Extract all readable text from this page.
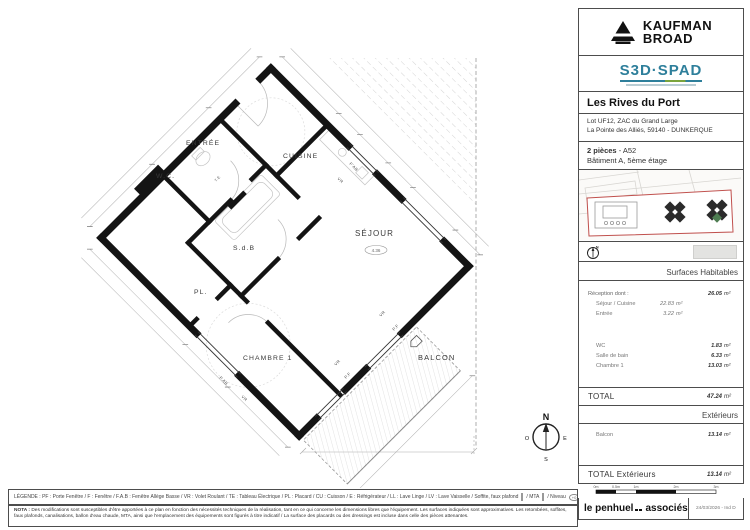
ENTRÉE
W.C.
CUISINE
S.d.B
PL.
SÉJOUR
CHAMBRE 1	BALCON
4.36
VR
F'AB
VR
P.F
P.F
VR
F.AB
VR
T.E
N
O	E
S
KAUFMAN
BROAD
S3D·SPAD
Les Rives du Port
Lot UF12, ZAC du Grand Large
La Pointe des Alliés, 59140 - DUNKERQUE
2 pièces - A52
Bâtiment A, 5ème étage
N
Surfaces Habitables
Réception dont :	26.05 m²
Séjour / Cuisine	22.83 m²
Entrée	3.22 m²
WC	1.83 m²
Salle de bain	6.33 m²
Chambre 1	13.03 m²
TOTAL	47.24 m²
Extérieurs
Balcon	13.14 m²
TOTAL Extérieurs	13.14 m²
0m	0.5m	1m	2m	3m
le penhuel associés 24/03/2026 - Ind D
LÉGENDE : PF : Porte Fenêtre / F : Fenêtre / F.A.B : Fenêtre Allège Basse / VR : Volet Roulant / TE : Tableau Électrique / PL : Placard / CU : Cuisson / E : Réfrigérateur / LL : Lave Linge / LV : Lave Vaisselle / Soffite, faux plafond / MTA / Niveau	+0
NOTA : Des modifications sont susceptibles d'être apportées à ce plan en fonction des nécessités techniques de la réalisation, tant en ce qui concerne les dimensions libres que l'équipement. Les surfaces indiquées sont approximatives. Les retombées, soffites, faux plafonds, canalisations, ballon d'eau chaude, MTA, ainsi que l'emplacement des équipements sont figurés à titre indicatif / La surface des placards ou des dressings est incluse dans celle des pièces attenantes.
